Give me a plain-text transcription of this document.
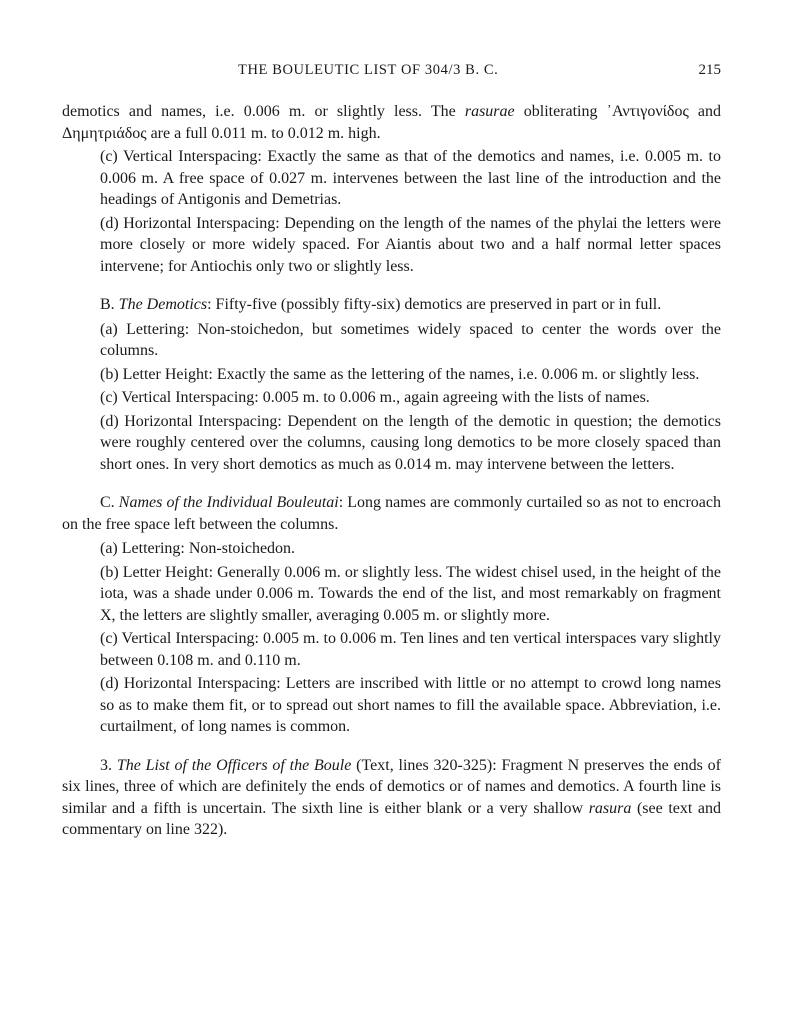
THE BOULEUTIC LIST OF 304/3 B. C.	215

demotics and names, i.e. 0.006 m. or slightly less. The rasurae obliterating ᾿Αντιγονίδος and Δημητριάδος are a full 0.011 m. to 0.012 m. high.

(c) Vertical Interspacing: Exactly the same as that of the demotics and names, i.e. 0.005 m. to 0.006 m. A free space of 0.027 m. intervenes between the last line of the introduction and the headings of Antigonis and Demetrias.

(d) Horizontal Interspacing: Depending on the length of the names of the phylai the letters were more closely or more widely spaced. For Aiantis about two and a half normal letter spaces intervene; for Antiochis only two or slightly less.

B. The Demotics: Fifty-five (possibly fifty-six) demotics are preserved in part or in full.

(a) Lettering: Non-stoichedon, but sometimes widely spaced to center the words over the columns.

(b) Letter Height: Exactly the same as the lettering of the names, i.e. 0.006 m. or slightly less.

(c) Vertical Interspacing: 0.005 m. to 0.006 m., again agreeing with the lists of names.

(d) Horizontal Interspacing: Dependent on the length of the demotic in question; the demotics were roughly centered over the columns, causing long demotics to be more closely spaced than short ones. In very short demotics as much as 0.014 m. may intervene between the letters.

C. Names of the Individual Bouleutai: Long names are commonly curtailed so as not to encroach on the free space left between the columns.

(a) Lettering: Non-stoichedon.

(b) Letter Height: Generally 0.006 m. or slightly less. The widest chisel used, in the height of the iota, was a shade under 0.006 m. Towards the end of the list, and most remarkably on fragment X, the letters are slightly smaller, averaging 0.005 m. or slightly more.

(c) Vertical Interspacing: 0.005 m. to 0.006 m. Ten lines and ten vertical interspaces vary slightly between 0.108 m. and 0.110 m.

(d) Horizontal Interspacing: Letters are inscribed with little or no attempt to crowd long names so as to make them fit, or to spread out short names to fill the available space. Abbreviation, i.e. curtailment, of long names is common.

3. The List of the Officers of the Boule (Text, lines 320-325): Fragment N preserves the ends of six lines, three of which are definitely the ends of demotics or of names and demotics. A fourth line is similar and a fifth is uncertain. The sixth line is either blank or a very shallow rasura (see text and commentary on line 322).
